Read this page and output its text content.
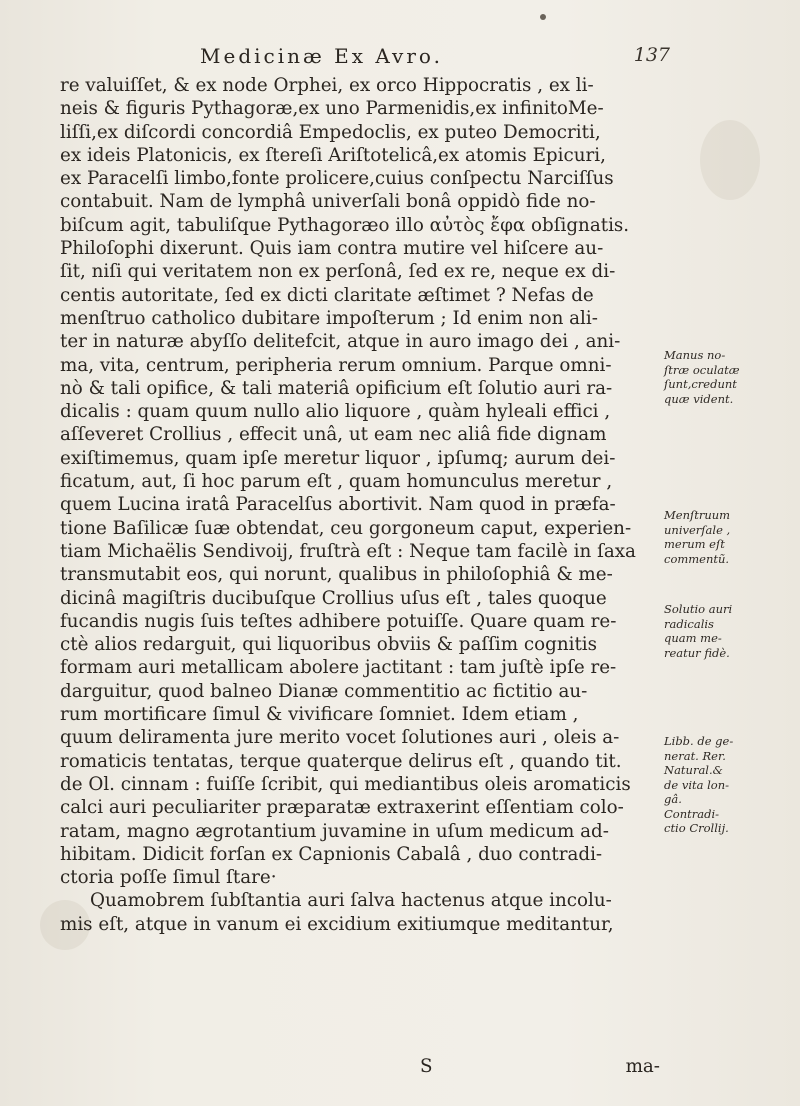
Medicinæ Ex Avro.	137
re valuiſſet, & ex node Orphei, ex orco Hippocratis , ex li-
neis & figuris Pythagoræ,ex uno Parmenidis,ex infinitoMe-
liſſi,ex diſcordi concordiâ Empedoclis, ex puteo Democriti,
ex ideis Platonicis, ex ſtereſi Ariſtotelicâ,ex atomis Epicuri,
ex Paracelſi limbo,fonte prolicere,cuius conſpectu Narciſſus
contabuit. Nam de lymphâ univerſali bonâ oppidò fide no-
biſcum agit, tabuliſque Pythagoræo illo αὐτὸς ἔφα obſignatis.
Philoſophi dixerunt. Quis iam contra mutire vel hiſcere au-
ſit, niſi qui veritatem non ex perſonâ, ſed ex re, neque ex di-
centis autoritate, ſed ex dicti claritate æſtimet ? Nefas de
menſtruo catholico dubitare impoſterum ; Id enim non ali-
ter in naturæ abyſſo delitefcit, atque in auro imago dei , ani-
ma, vita, centrum, peripheria rerum omnium. Parque omni-
nò & tali opifice, & tali materiâ opificium eſt ſolutio auri ra-
dicalis : quam quum nullo alio liquore , quàm hyleali effici ,
aſſeveret Crollius , effecit unâ, ut eam nec aliâ fide dignam
exiſtimemus, quam ipſe meretur liquor , ipſumq; aurum dei-
ficatum, aut, ſi hoc parum eſt , quam homunculus meretur ,
quem Lucina iratâ Paracelſus abortivit. Nam quod in præfa-
tione Baſilicæ ſuæ obtendat, ceu gorgoneum caput, experien-
tiam Michaëlis Sendivoij, fruſtrà eſt : Neque tam facilè in ſaxa
transmutabit eos, qui norunt, qualibus in philoſophiâ & me-
dicinâ magiſtris ducibuſque Crollius uſus eſt , tales quoque
fucandis nugis ſuis teſtes adhibere potuiſſe. Quare quam re-
ctè alios redarguit, qui liquoribus obviis & paſſim cognitis
formam auri metallicam abolere jactitant : tam juſtè ipſe re-
darguitur, quod balneo Dianæ commentitio ac fictitio au-
rum mortificare ſimul & vivificare ſomniet. Idem etiam ,
quum deliramenta jure merito vocet ſolutiones auri , oleis a-
romaticis tentatas, terque quaterque delirus eſt , quando tit.
de Ol. cinnam : fuiſſe ſcribit, qui mediantibus oleis aromaticis
calci auri peculiariter præparatæ extraxerint eſſentiam colo-
ratam, magno ægrotantium juvamine in uſum medicum ad-
hibitam. Didicit forſan ex Capnionis Cabalâ , duo contradi-
ctoria poſſe ſimul ſtare·
Quamobrem ſubſtantia auri ſalva hactenus atque incolu-
mis eſt, atque in vanum ei excidium exitiumque meditantur,
Manus no-
ſtræ oculatæ
ſunt,credunt
quæ vident.
Menſtruum
univerſale ,
merum eſt
commentũ.
Solutio auri
radicalis
quam me-
reatur fidè.
Libb. de ge-
nerat. Rer.
Natural.&
de vita lon-
gâ.
Contradi-
ctio Crollij.
S	ma-
